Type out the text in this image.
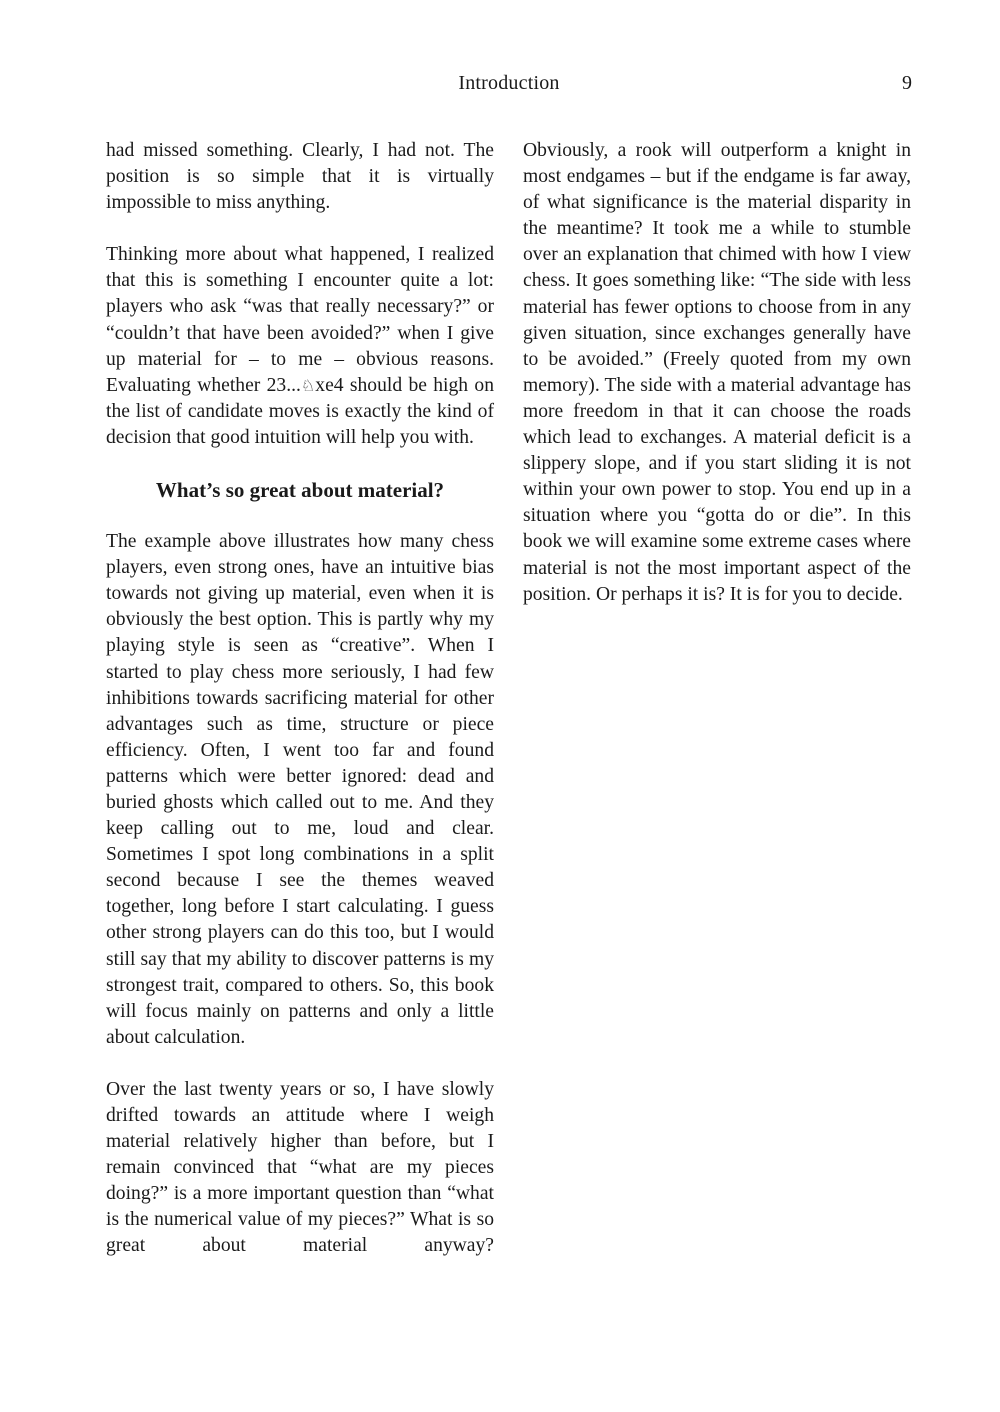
Introduction	9

had missed something. Clearly, I had not. The position is so simple that it is virtually impossible to miss anything.

Thinking more about what happened, I realized that this is something I encounter quite a lot: players who ask “was that really necessary?” or “couldn’t that have been avoided?” when I give up material for – to me – obvious reasons. Evaluating whether 23...♘xe4 should be high on the list of candidate moves is exactly the kind of decision that good intuition will help you with.

What’s so great about material?

The example above illustrates how many chess players, even strong ones, have an intuitive bias towards not giving up material, even when it is obviously the best option. This is partly why my playing style is seen as “creative”. When I started to play chess more seriously, I had few inhibitions towards sacrificing material for other advantages such as time, structure or piece efficiency. Often, I went too far and found patterns which were better ignored: dead and buried ghosts which called out to me. And they keep calling out to me, loud and clear. Sometimes I spot long combinations in a split second because I see the themes weaved together, long before I start calculating. I guess other strong players can do this too, but I would still say that my ability to discover patterns is my strongest trait, compared to others. So, this book will focus mainly on patterns and only a little about calculation.

Over the last twenty years or so, I have slowly drifted towards an attitude where I weigh material relatively higher than before, but I remain convinced that “what are my pieces doing?” is a more important question than “what is the numerical value of my pieces?” What is so great about material anyway?

Obviously, a rook will outperform a knight in most endgames – but if the endgame is far away, of what significance is the material disparity in the meantime? It took me a while to stumble over an explanation that chimed with how I view chess. It goes something like: “The side with less material has fewer options to choose from in any given situation, since exchanges generally have to be avoided.” (Freely quoted from my own memory). The side with a material advantage has more freedom in that it can choose the roads which lead to exchanges. A material deficit is a slippery slope, and if you start sliding it is not within your own power to stop. You end up in a situation where you “gotta do or die”. In this book we will examine some extreme cases where material is not the most important aspect of the position. Or perhaps it is? It is for you to decide.
